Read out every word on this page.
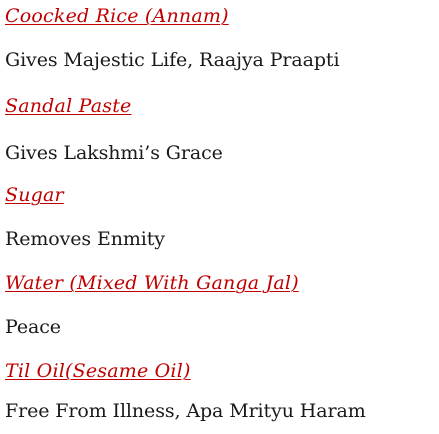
Coocked Rice (Annam)
Gives Majestic Life, Raajya Praapti
Sandal Paste
Gives Lakshmi’s Grace
Sugar
Removes Enmity
Water (Mixed With Ganga Jal)
Peace
Til Oil(Sesame Oil)
Free From Illness, Apa Mrityu Haram
